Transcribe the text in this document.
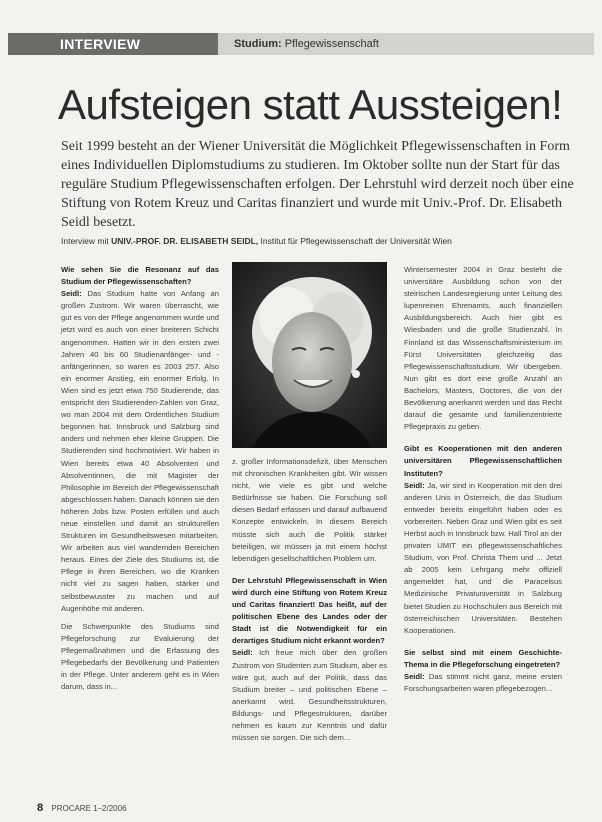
INTERVIEW	Studium: Pflegewissenschaft
Aufsteigen statt Aussteigen!

Seit 1999 besteht an der Wiener Universität die Möglichkeit Pflegewissenschaften in Form eines Individuellen Diplomstudiums zu studieren. Im Oktober sollte nun der Start für das reguläre Studium Pflegewissenschaften erfolgen. Der Lehrstuhl wird derzeit noch über eine Stiftung von Rotem Kreuz und Caritas finanziert und wurde mit Univ.-Prof. Dr. Elisabeth Seidl besetzt.

Interview mit UNIV.-PROF. DR. ELISABETH SEIDL, Institut für Pflegewissenschaft der Universität Wien

Wie sehen Sie die Resonanz auf das Studium der Pflegewissenschaften?

Seidl: Das Studium hatte von Anfang an großen Zustrom. Wir waren überrascht, wie gut es von der Pflege angenommen wurde und jetzt wird es auch von einer breiteren Schicht angenommen. Hatten wir in den ersten zwei Jahren 40 bis 60 Studienanfänger- und -anfängerinnen, so waren es 2003 257. Also ein enormer Anstieg, ein enormer Erfolg. In Wien sind es jetzt etwa 750 Studierende, das entspricht den Studierenden-Zahlen von Graz, wo man 2004 mit dem Ordentlichen Studium begonnen hat. Innsbruck und Salzburg sind anders und nehmen eher kleine Gruppen. Die Studierenden sind hochmotiviert. Wir haben in Wien bereits etwa 40 Absolventen und Absolventinnen, die mit Magister der Philosophie im Bereich der Pflegewissenschaft abgeschlossen haben. Danach können sie den höheren Jobs bzw. Posten erfüllen und auch neue einstellen und damit an strukturellen Strukturen im Gesundheitswesen mitarbeiten. Wir arbeiten aus viel wandernden Bereichen heraus. Eines der Ziele des Studiums ist, die Pflege in ihren Bereichen, wo die Kranken nicht viel zu sagen haben, stärker und selbstbewusster zu machen und auf Augenhöhe mit anderen.

Die Schwerpunkte des Studiums sind Pflegeforschung zur Evaluierung der Pflegemaßnahmen und die Erfassung des Pflegebedarfs der Bevölkerung und Patienten in der Pflege. Unter anderem geht es in Wien darum, dass in...

z. großer Informationsdefizit, über Menschen mit chronischen Krankheiten gibt. Wir wissen nicht, wie viele es gibt und welche Bedürfnisse sie haben. Die Forschung soll diesen Bedarf erfassen und darauf aufbauend Konzepte entwickeln. In diesem Bereich müsste sich auch die Politik stärker beteiligen, wir müssen ja mit einem höchst lebendigen gesellschaftlichen Problem um.

Der Lehrstuhl Pflegewissenschaft in Wien wird durch eine Stiftung von Rotem Kreuz und Caritas finanziert! Das heißt, auf der politischen Ebene des Landes oder der Stadt ist die Notwendigkeit für ein derartiges Studium nicht erkannt worden?

Seidl: Ich freue mich über den großen Zustrom von Studenten zum Studium, aber es wäre gut, auch auf der Politik, dass das Studium breiter – und politischen Ebene – anerkannt wird. Gesundheitsstrukturen, Bildungs- und Pflegestrukturen, darüber nehmen es kaum zur Kenntnis und dafür müssen sie sorgen. Die sich dem...

Wintersemester 2004 in Graz besteht die universitäre Ausbildung schon von der steirischen Landesregierung unter Leitung des lupenreinen Ehrenamts, auch finanziellen Ausbildungsbereich. Auch hier gibt es Wiesbaden und die große Studienzahl. In Finnland ist das Wissenschaftsministerium im Fürst Universitäten gleichzeitig das Pflegewissenschaftsstudium. Wir übergeben. Nun gibt es dort eine große Anzahl an Bachelors, Masters, Doctores, die von der Bevölkerung anerkannt werden und das Recht darauf die gesamte und familienzentrierte Pflegepraxis zu geben.

Gibt es Kooperationen mit den anderen universitären Pflegewissenschaftlichen Instituten?

Seidl: Ja, wir sind in Kooperation mit den drei anderen Unis in Österreich, die das Studium entweder bereits eingeführt haben oder es vorbereiten. Neben Graz und Wien gibt es seit Herbst auch in Innsbruck bzw. Hall Tirol an der privaten UMIT ein pflegewissenschaftliches Studium, von Prof. Christa Them und ... Jetzt ab 2005 kein Lehrgang mehr offiziell angemeldet hat, und die Paracelsus Medizinische Privatuniversität in Salzburg bietet Studien zu Hochschulen aus Bereich mit österreichischen Universitäten. Bestehen Kooperationen.

Sie selbst sind mit einem Geschichte-Thema in die Pflegeforschung eingetreten?

Seidl: Das stimmt nicht ganz, meine ersten Forschungsarbeiten waren pflegebezogen...

8 PROCARE 1–2/2006
